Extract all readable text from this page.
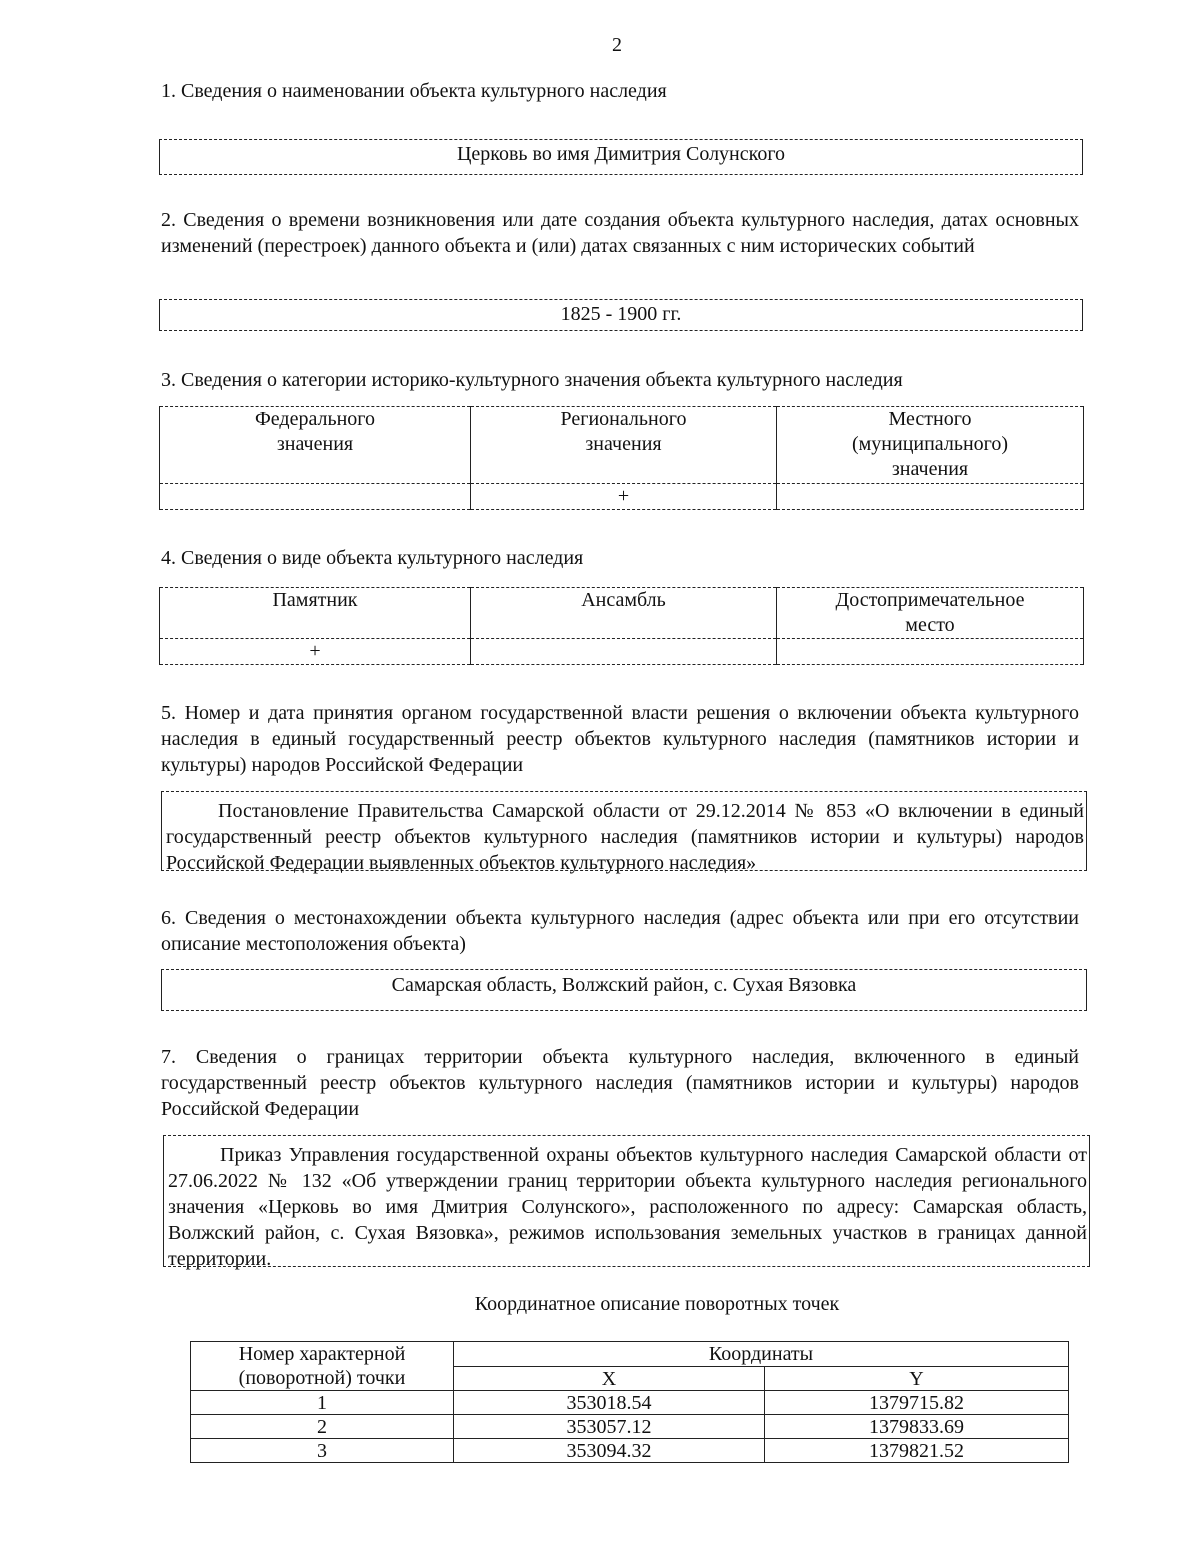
2
1. Сведения о наименовании объекта культурного наследия
Церковь во имя Димитрия Солунского
2. Сведения о времени возникновения или дате создания объекта культурного наследия, датах основных изменений (перестроек) данного объекта и (или) датах связанных с ним исторических событий
1825 - 1900 гг.
3. Сведения о категории историко-культурного значения объекта культурного наследия
Федерального значения	Регионального значения	Местного (муниципального) значения

	+	
4. Сведения о виде объекта культурного наследия
Памятник	Ансамбль	Достопримечательное место

+		
5. Номер и дата принятия органом государственной власти решения о включении объекта культурного наследия в единый государственный реестр объектов культурного наследия (памятников истории и культуры) народов Российской Федерации
Постановление Правительства Самарской области от 29.12.2014 № 853 «О включении в единый государственный реестр объектов культурного наследия (памятников истории и культуры) народов Российской Федерации выявленных объектов культурного наследия»
6. Сведения о местонахождении объекта культурного наследия (адрес объекта или при его отсутствии описание местоположения объекта)
Самарская область, Волжский район, с. Сухая Вязовка
7. Сведения о границах территории объекта культурного наследия, включенного в единый государственный реестр объектов культурного наследия (памятников истории и культуры) народов Российской Федерации
Приказ Управления государственной охраны объектов культурного наследия Самарской области от 27.06.2022 № 132 «Об утверждении границ территории объекта культурного наследия регионального значения «Церковь во имя Дмитрия Солунского», расположенного по адресу: Самарская область, Волжский район, с. Сухая Вязовка», режимов использования земельных участков в границах данной территории.
Координатное описание поворотных точек
Номер характерной (поворотной) точки	Координаты	
	X	Y
1	353018.54	1379715.82
2	353057.12	1379833.69
3	353094.32	1379821.52
